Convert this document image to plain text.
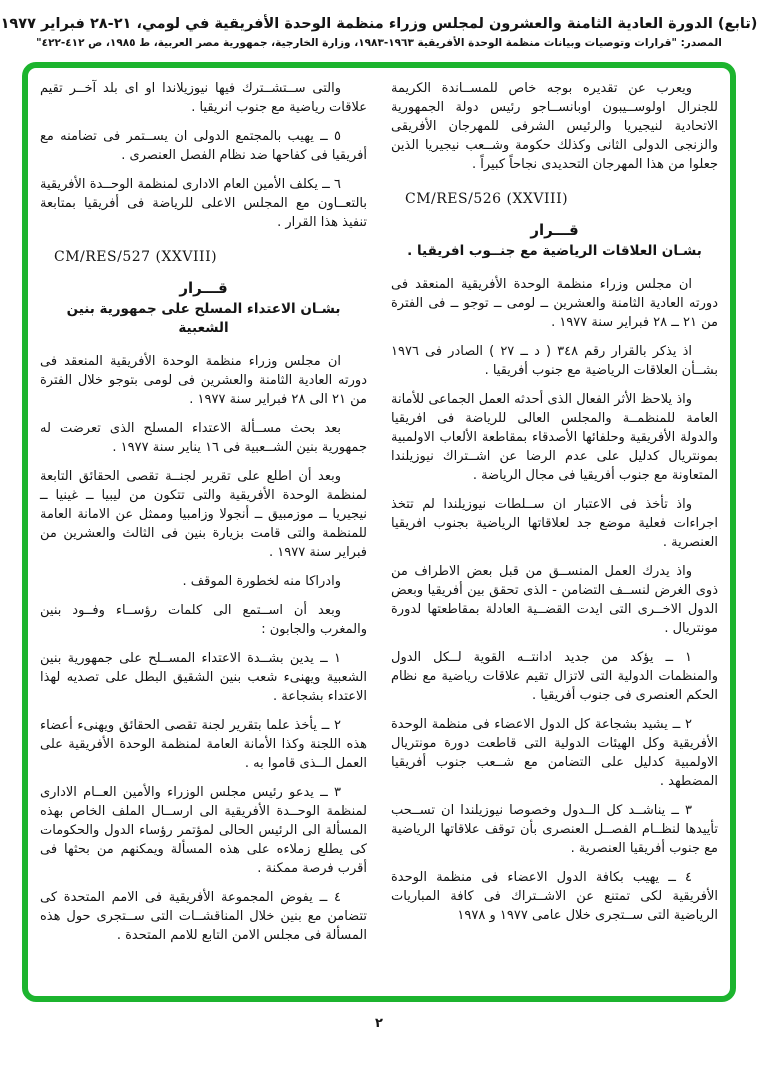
(تابع) الدورة العادية الثامنة والعشرون لمجلس وزراء منظمة الوحدة الأفريقية في لومي، ٢١-٢٨ فبراير ١٩٧٧
المصدر: "قرارات وتوصيات وبيانات منظمة الوحدة الأفريقية ١٩٦٣-١٩٨٣، وزارة الخارجية، جمهورية مصر العربية، ط ١٩٨٥، ص ٤١٢-٤٢٢"

ويعرب عن تقديره بوجه خاص للمســاندة الكريمة للجنرال اولوســيبون اوبانســاجو رئيس دولة الجمهورية الاتحادية لنيجيريا والرئيس الشرفى للمهرجان الأفريقى والزنجى الدولى الثانى وكذلك حكومة وشــعب نيجيريا الذين جعلوا من هذا المهرجان التحديدى نجاحاً كبيراً .

CM/RES/526 (XXVIII)

قـــرار

بشـان العلاقات الرياضية مع جنــوب افريقيا .

ان مجلس وزراء منظمة الوحدة الأفريقية المنعقد فى دورته العادية الثامنة والعشرين ــ لومى ــ توجو ــ فى الفترة من ٢١ ــ ٢٨ فبراير سنة ١٩٧٧ .

اذ يذكر بالقرار رقم ٣٤٨ ( د ــ ٢٧ ) الصادر فى ١٩٧٦ بشــأن العلاقات الرياضية مع جنوب أفريقيا .

واذ يلاحظ الأثر الفعال الذى أحدثه العمل الجماعى للأمانة العامة للمنظمــة والمجلس العالى للرياضة فى افريقيا والدولة الأفريقية وحلفائها الأصدقاء بمقاطعة الألعاب الاولمبية بمونتريال كدليل على عدم الرضا عن اشــتراك نيوزيلندا المتعاونة مع جنوب أفريقيا فى مجال الرياضة .

واذ تأخذ فى الاعتبار ان ســلطات نيوزيلندا لم تتخذ اجراءات فعلية موضع جد لعلاقاتها الرياضية بجنوب افريقيا العنصرية .

واذ يدرك العمل المنســق من قبل بعض الاطراف من ذوى الغرض لنســف التضامن - الذى تحقق بين أفريقيا وبعض الدول الاخــرى التى ايدت القضــية العادلة بمقاطعتها لدورة مونتريال .

١ ــ يؤكد من جديد ادانتــه القوية لــكل الدول والمنظمات الدولية التى لاتزال تقيم علاقات رياضية مع نظام الحكم العنصرى فى جنوب أفريقيا .

٢ ــ يشيد بشجاعة كل الدول الاعضاء فى منظمة الوحدة الأفريقية وكل الهيئات الدولية التى قاطعت دورة مونتريال الاولمبية كدليل على التضامن مع شــعب جنوب أفريقيا المضطهد .

٣ ــ يناشــد كل الــدول وخصوصا نيوزيلندا ان تســحب تأييدها لنظــام الفصــل العنصرى بأن توقف علاقاتها الرياضية مع جنوب أفريقيا العنصرية .

٤ ــ يهيب بكافة الدول الاعضاء فى منظمة الوحدة الأفريقية لكى تمتنع عن الاشــتراك فى كافة المباريات الرياضية التى ســتجرى خلال عامى ١٩٧٧ و ١٩٧٨

والتى ســتشــترك فيها نيوزيلاندا او اى بلد آخــر تقيم علاقات رياضية مع جنوب انريقيا .

٥ ــ يهيب بالمجتمع الدولى ان يســتمر فى تضامنه مع أفريقيا فى كفاحها ضد نظام الفصل العنصرى .

٦ ــ يكلف الأمين العام الادارى لمنظمة الوحــدة الأفريقية بالتعــاون مع المجلس الاعلى للرياضة فى أفريقيا بمتابعة تنفيذ هذا القرار .

CM/RES/527 (XXVIII)

قـــرار

بشـان الاعتداء المسلح على جمهورية بنين الشعبية

ان مجلس وزراء منظمة الوحدة الأفريقية المنعقد فى دورته العادية الثامنة والعشرين فى لومى بتوجو خلال الفترة من ٢١ الى ٢٨ فبراير سنة ١٩٧٧ .

بعد بحث مســألة الاعتداء المسلح الذى تعرضت له جمهورية بنين الشــعبية فى ١٦ يناير سنة ١٩٧٧ .

وبعد أن اطلع على تقرير لجنــة تقصى الحقائق التابعة لمنظمة الوحدة الأفريقية والتى تتكون من ليبيا ــ غينيا ــ نيجيريا ــ موزمبيق ــ أنجولا وزامبيا وممثل عن الامانة العامة للمنظمة والتى قامت بزيارة بنين فى الثالث والعشرين من فبراير سنة ١٩٧٧ .

وادراكا منه لخطورة الموقف .

وبعد أن اســتمع الى كلمات رؤســاء وفــود بنين والمغرب والجابون :

١ ــ يدين بشــدة الاعتداء المســلح على جمهورية بنين الشعبية ويهنىء شعب بنين الشقيق البطل على تصديه لهذا الاعتداء بشجاعة .

٢ ــ يأخذ علما بتقرير لجنة تقصى الحقائق ويهنىء أعضاء هذه اللجنة وكذا الأمانة العامة لمنظمة الوحدة الأفريقية على العمل الــذى قاموا به .

٣ ــ يدعو رئيس مجلس الوزراء والأمين العــام الادارى لمنظمة الوحــدة الأفريقية الى ارســال الملف الخاص بهذه المسألة الى الرئيس الحالى لمؤتمر رؤساء الدول والحكومات كى يطلع زملاءه على هذه المسألة ويمكنهم من بحثها فى أقرب فرصة ممكنة .

٤ ــ يفوض المجموعة الأفريقية فى الامم المتحدة كى تتضامن مع بنين خلال المناقشــات التى ســتجرى حول هذه المسألة فى مجلس الامن التابع للامم المتحدة .

٢
